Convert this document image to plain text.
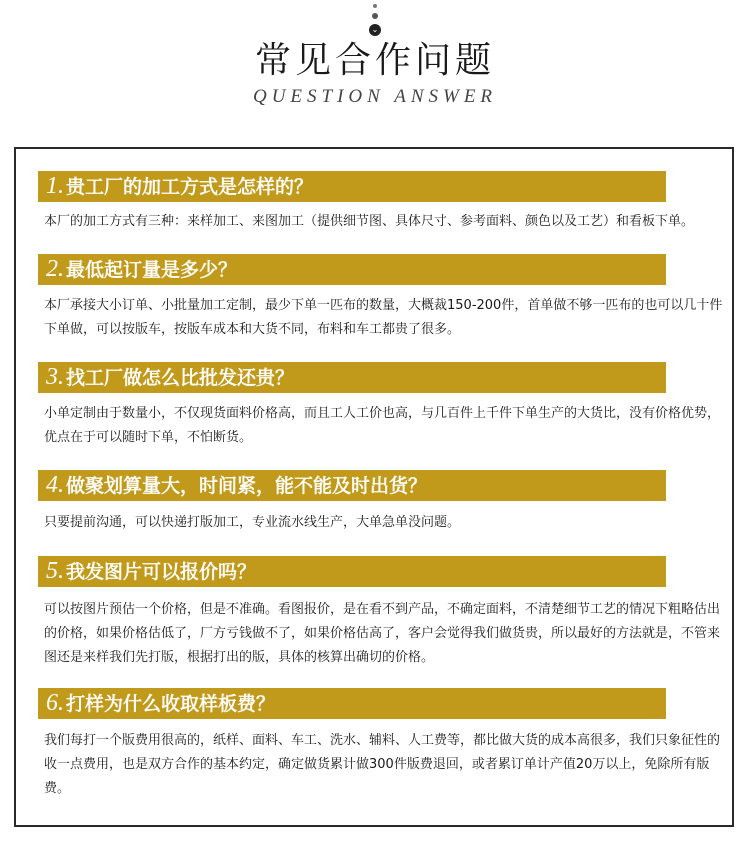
⌄
常见合作问题
QUESTION ANSWER
1. 贵工厂的加工方式是怎样的？
本厂的加工方式有三种：来样加工、来图加工（提供细节图、具体尺寸、参考面料、颜色以及工艺）和看板下单。
2. 最低起订量是多少？
本厂承接大小订单、小批量加工定制，最少下单一匹布的数量，大概裁150-200件，首单做不够一匹布的也可以几十件下单做，可以按版车，按版车成本和大货不同，布料和车工都贵了很多。
3. 找工厂做怎么比批发还贵？
小单定制由于数量小，不仅现货面料价格高，而且工人工价也高，与几百件上千件下单生产的大货比，没有价格优势，优点在于可以随时下单，不怕断货。
4. 做聚划算量大，时间紧，能不能及时出货？
只要提前沟通，可以快递打版加工，专业流水线生产，大单急单没问题。
5. 我发图片可以报价吗？
可以按图片预估一个价格，但是不准确。看图报价，是在看不到产品，不确定面料，不清楚细节工艺的情况下粗略估出的价格，如果价格估低了，厂方亏钱做不了，如果价格估高了，客户会觉得我们做货贵，所以最好的方法就是，不管来图还是来样我们先打版，根据打出的版，具体的核算出确切的价格。
6. 打样为什么收取样板费？
我们每打一个版费用很高的，纸样、面料、车工、洗水、辅料、人工费等，都比做大货的成本高很多，我们只象征性的收一点费用，也是双方合作的基本约定，确定做货累计做300件版费退回，或者累订单计产值20万以上，免除所有版费。
